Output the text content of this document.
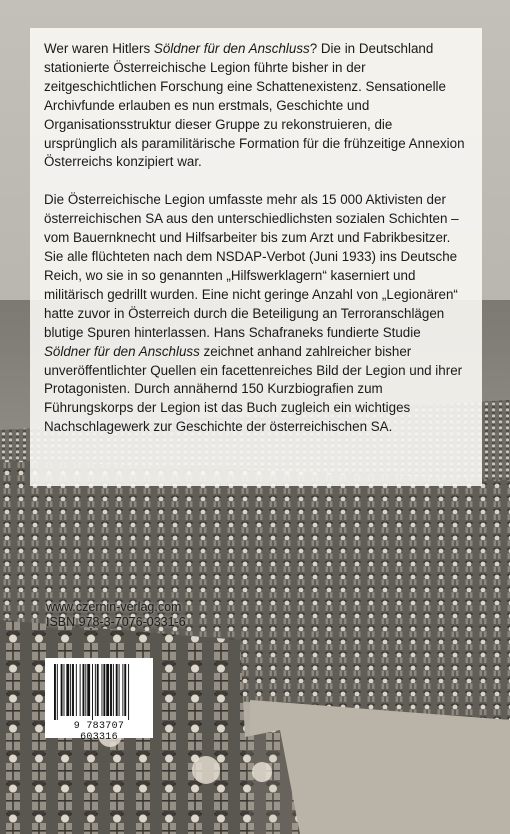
Wer waren Hitlers Söldner für den Anschluss? Die in Deutschland stationierte Österreichische Legion führte bisher in der zeitgeschichtlichen Forschung eine Schattenexistenz. Sensationelle Archivfunde erlauben es nun erstmals, Geschichte und Organisationsstruktur dieser Gruppe zu rekonstruieren, die ursprünglich als paramilitärische Formation für die frühzeitige Annexion Österreichs konzipiert war.

Die Österreichische Legion umfasste mehr als 15 000 Aktivisten der österreichischen SA aus den unterschiedlichsten sozialen Schichten – vom Bauernknecht und Hilfsarbeiter bis zum Arzt und Fabrikbesitzer. Sie alle flüchteten nach dem NSDAP-Verbot (Juni 1933) ins Deutsche Reich, wo sie in so genannten „Hilfswerklagern“ kaserniert und militärisch gedrillt wurden. Eine nicht geringe Anzahl von „Legionären“ hatte zuvor in Österreich durch die Beteiligung an Terroranschlägen blutige Spuren hinterlassen. Hans Schafraneks fundierte Studie Söldner für den Anschluss zeichnet anhand zahlreicher bisher unveröffentlichter Quellen ein facettenreiches Bild der Legion und ihrer Protagonisten. Durch annähernd 150 Kurzbiografien zum Führungskorps der Legion ist das Buch zugleich ein wichtiges Nachschlagewerk zur Geschichte der österreichischen SA.

www.czernin-verlag.com
ISBN 978-3-7076-0331-6
9 783707 603316
